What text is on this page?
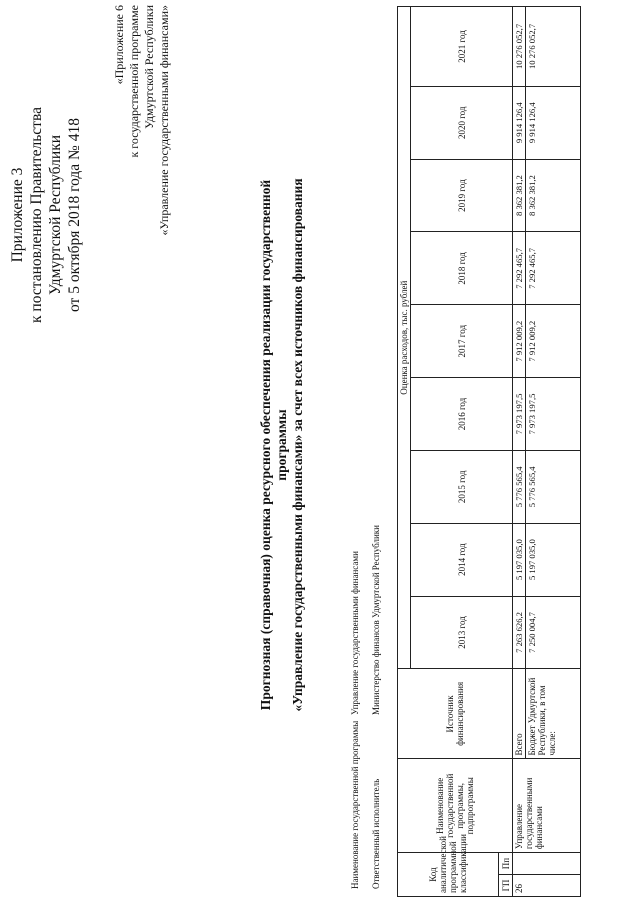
Приложение 3 к постановлению Правительства Удмуртской Республики от 5 октября 2018 года № 418
«Приложение 6 к государственной программе Удмуртской Республики «Управление государственными финансами»
Прогнозная (справочная) оценка ресурсного обеспечения реализации государственной программы «Управление государственными финансами» за счет всех источников финансирования
Наименование государственной программы
Управление государственными финансами
Ответственный исполнитель
Министерство финансов Удмуртской Республики
Код аналитической программной классификации		Наименование государственной программы, подпрограммы	Источник финансирования	Оценка расходов, тыс. рублей								
				2013 год	2014 год	2015 год	2016 год	2017 год	2018 год	2019 год	2020 год	2021 год
ГП	Пп											
26		Управление государственными финансами	Всего	7 263 626,2	5 197 035,0	5 776 565,4	7 973 197,5	7 912 009,2	7 292 465,7	8 362 381,2	9 914 126,4	10 276 052,7
			Бюджет Удмуртской Республики, в том числе:	7 250 004,7	5 197 035,0	5 776 565,4	7 973 197,5	7 912 009,2	7 292 465,7	8 362 381,2	9 914 126,4	10 276 052,7
